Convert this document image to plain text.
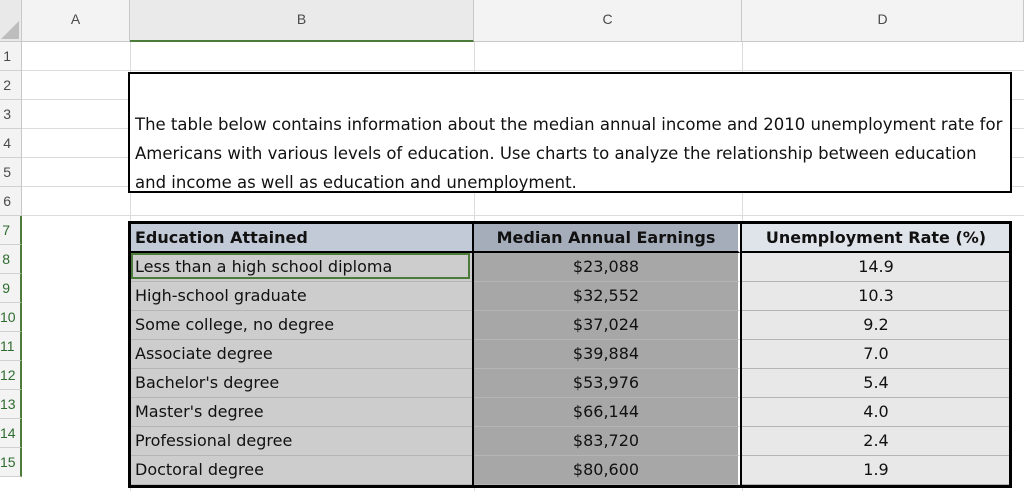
A	B	C	D
1
2
3
4
5
6
7
8
9
10
11
12
13
14
15
The table below contains information about the median annual income and 2010 unemployment rate for Americans with various levels of education. Use charts to analyze the relationship between education and income as well as education and unemployment.
Education Attained	Median Annual Earnings	Unemployment Rate (%)
Less than a high school diploma	$23,088	14.9
High-school graduate	$32,552	10.3
Some college, no degree	$37,024	9.2
Associate degree	$39,884	7.0
Bachelor's degree	$53,976	5.4
Master's degree	$66,144	4.0
Professional degree	$83,720	2.4
Doctoral degree	$80,600	1.9
